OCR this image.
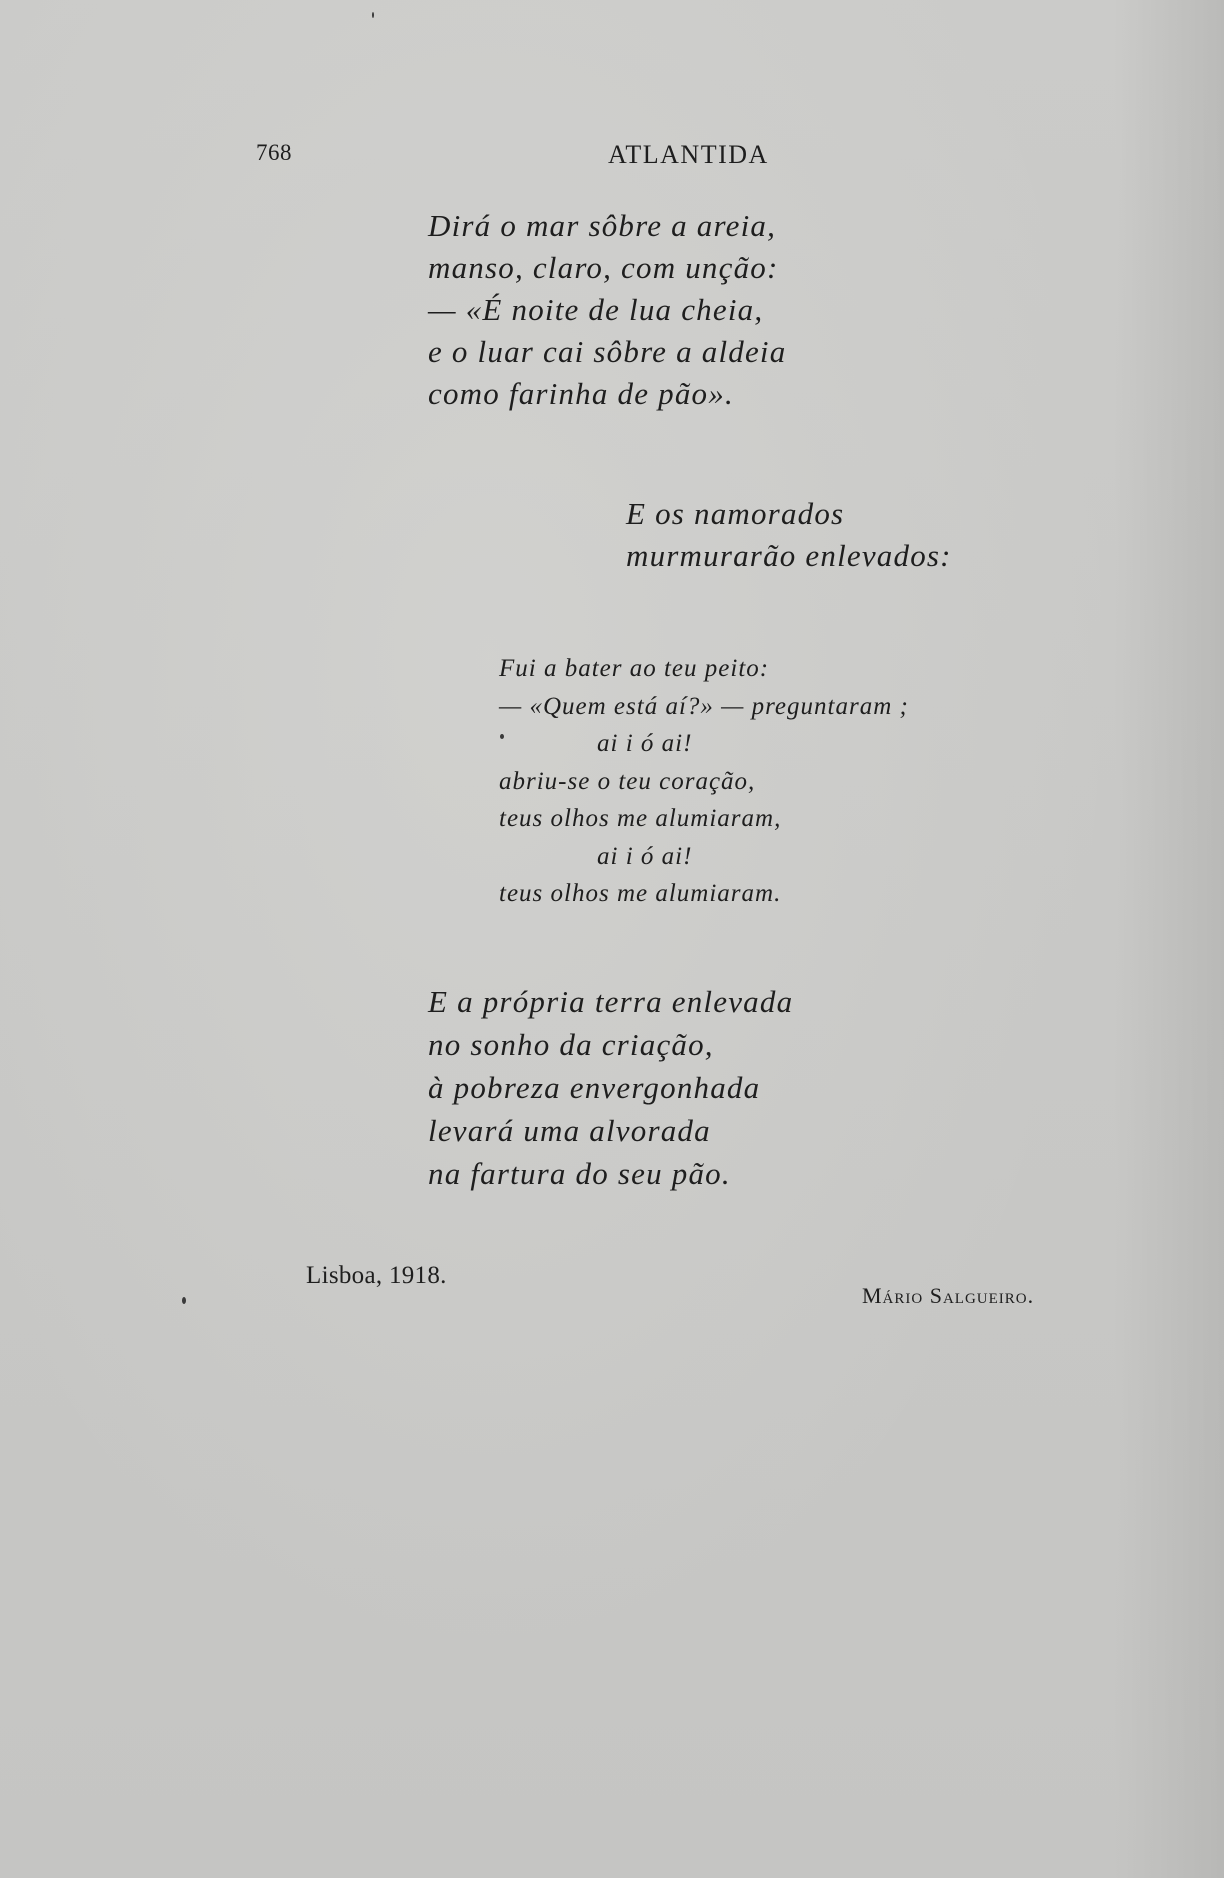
768	ATLANTIDA
Dirá o mar sôbre a areia,
manso, claro, com unção:
— «É noite de lua cheia,
e o luar cai sôbre a aldeia
como farinha de pão».
E os namorados
murmurarão enlevados:
Fui a bater ao teu peito:
— «Quem está aí?» — preguntaram ;
ai i ó ai!
abriu-se o teu coração,
teus olhos me alumiaram,
ai i ó ai!
teus olhos me alumiaram.
E a própria terra enlevada
no sonho da criação,
à pobreza envergonhada
levará uma alvorada
na fartura do seu pão.
Lisboa, 1918.
Mário Salgueiro.
